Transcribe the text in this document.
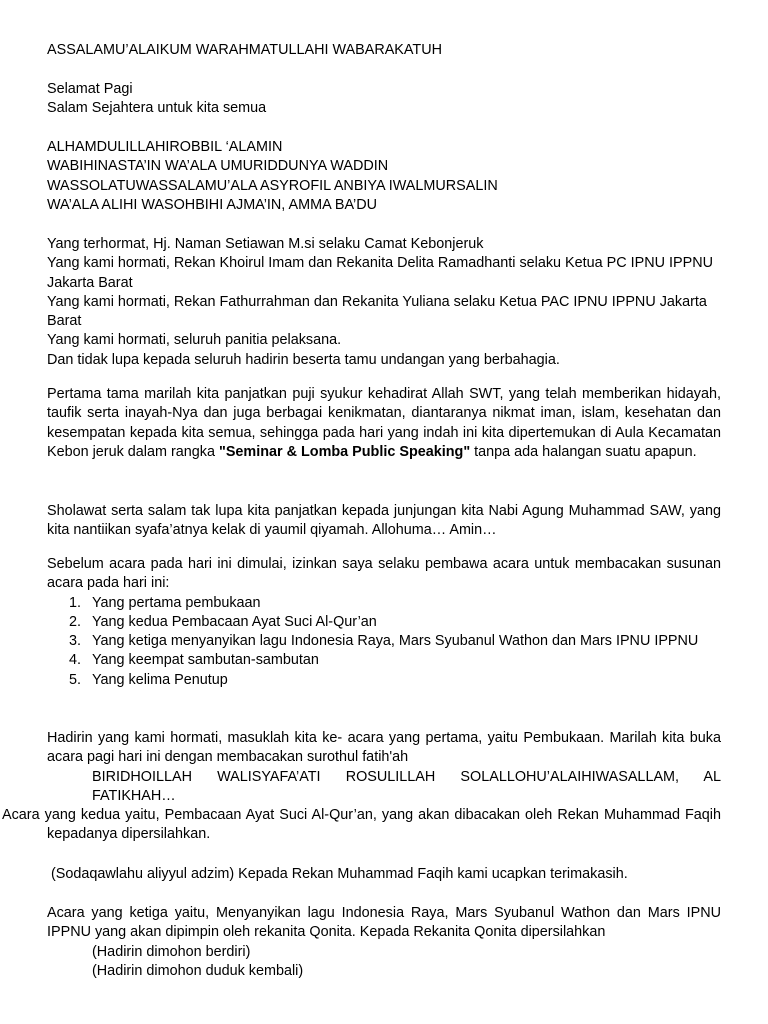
ASSALAMU’ALAIKUM WARAHMATULLAHI WABARAKATUH

Selamat Pagi
Salam Sejahtera untuk kita semua
ALHAMDULILLAHIROBBIL ‘ALAMIN
WABIHINASTA’IN WA’ALA UMURIDDUNYA WADDIN
WASSOLATUWASSALAMU’ALA ASYROFIL ANBIYA IWALMURSALIN
WA’ALA ALIHI WASOHBIHI AJMA’IN, AMMA BA’DU
Yang terhormat, Hj. Naman Setiawan M.si selaku Camat Kebonjeruk
Yang kami hormati, Rekan Khoirul Imam dan Rekanita Delita Ramadhanti selaku Ketua PC IPNU IPPNU Jakarta Barat
Yang kami hormati, Rekan Fathurrahman dan Rekanita Yuliana selaku Ketua PAC IPNU IPPNU Jakarta Barat
Yang kami hormati, seluruh panitia pelaksana.
Dan tidak lupa kepada seluruh hadirin beserta tamu undangan yang berbahagia.

Pertama tama marilah kita panjatkan puji syukur kehadirat Allah SWT, yang telah memberikan hidayah, taufik serta inayah-Nya dan juga berbagai kenikmatan, diantaranya nikmat iman, islam, kesehatan dan kesempatan kepada kita semua, sehingga pada hari yang indah ini kita dipertemukan di Aula Kecamatan Kebon jeruk dalam rangka "Seminar & Lomba Public Speaking" tanpa ada halangan suatu apapun.

Sholawat serta salam tak lupa kita panjatkan kepada junjungan kita Nabi Agung Muhammad SAW, yang kita nantiikan syafa’atnya kelak di yaumil qiyamah. Allohuma… Amin…

Sebelum acara pada hari ini dimulai, izinkan saya selaku pembawa acara untuk membacakan susunan acara pada hari ini:
1. Yang pertama pembukaan
2. Yang kedua Pembacaan Ayat Suci Al-Qur’an
3. Yang ketiga menyanyikan lagu Indonesia Raya, Mars Syubanul Wathon dan Mars IPNU IPPNU
4. Yang keempat sambutan-sambutan
5. Yang kelima Penutup
Hadirin yang kami hormati, masuklah kita ke- acara yang pertama, yaitu Pembukaan. Marilah kita buka acara pagi hari ini dengan membacakan surothul fatih'ah
BIRIDHOILLAH WALISYAFA’ATI ROSULILLAH SOLALLOHU’ALAIHIWASALLAM, AL FATIKHAH…
Acara yang kedua yaitu, Pembacaan Ayat Suci Al-Qur’an, yang akan dibacakan oleh Rekan Muhammad Faqih kepadanya dipersilahkan.

(Sodaqawlahu aliyyul adzim) Kepada Rekan Muhammad Faqih kami ucapkan terimakasih.

Acara yang ketiga yaitu, Menyanyikan lagu Indonesia Raya, Mars Syubanul Wathon dan Mars IPNU IPPNU yang akan dipimpin oleh rekanita Qonita. Kepada Rekanita Qonita dipersilahkan
(Hadirin dimohon berdiri)
(Hadirin dimohon duduk kembali)
